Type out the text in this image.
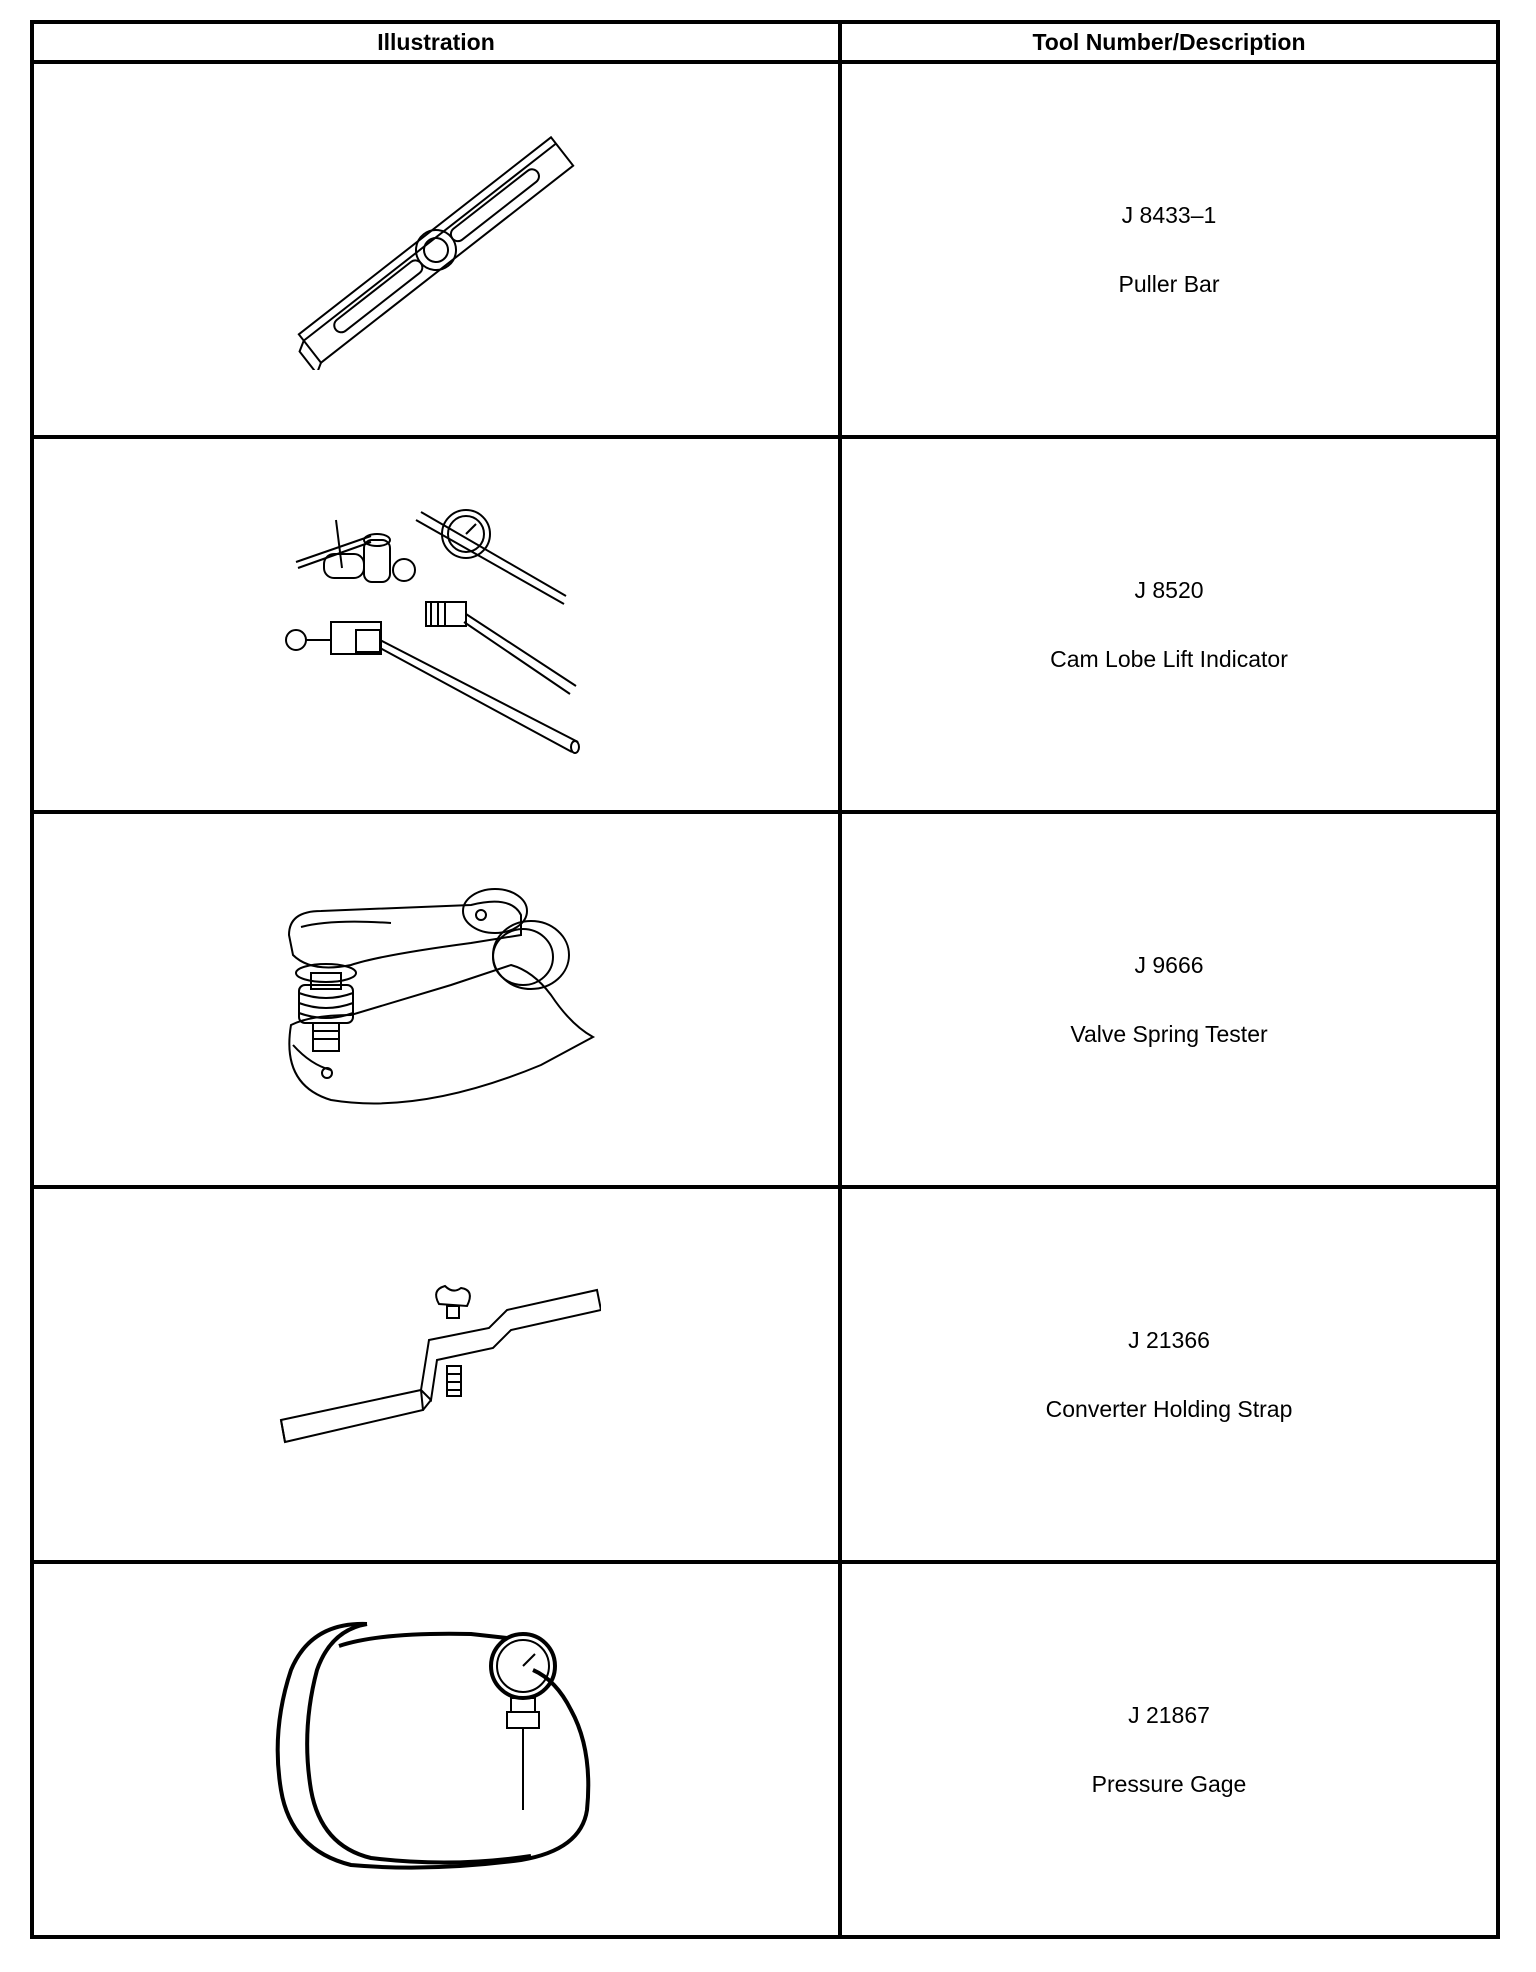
Illustration	Tool Number/Description

J 8433–1
Puller Bar

J 8520
Cam Lobe Lift Indicator

J 9666
Valve Spring Tester

J 21366
Converter Holding Strap

J 21867
Pressure Gage
